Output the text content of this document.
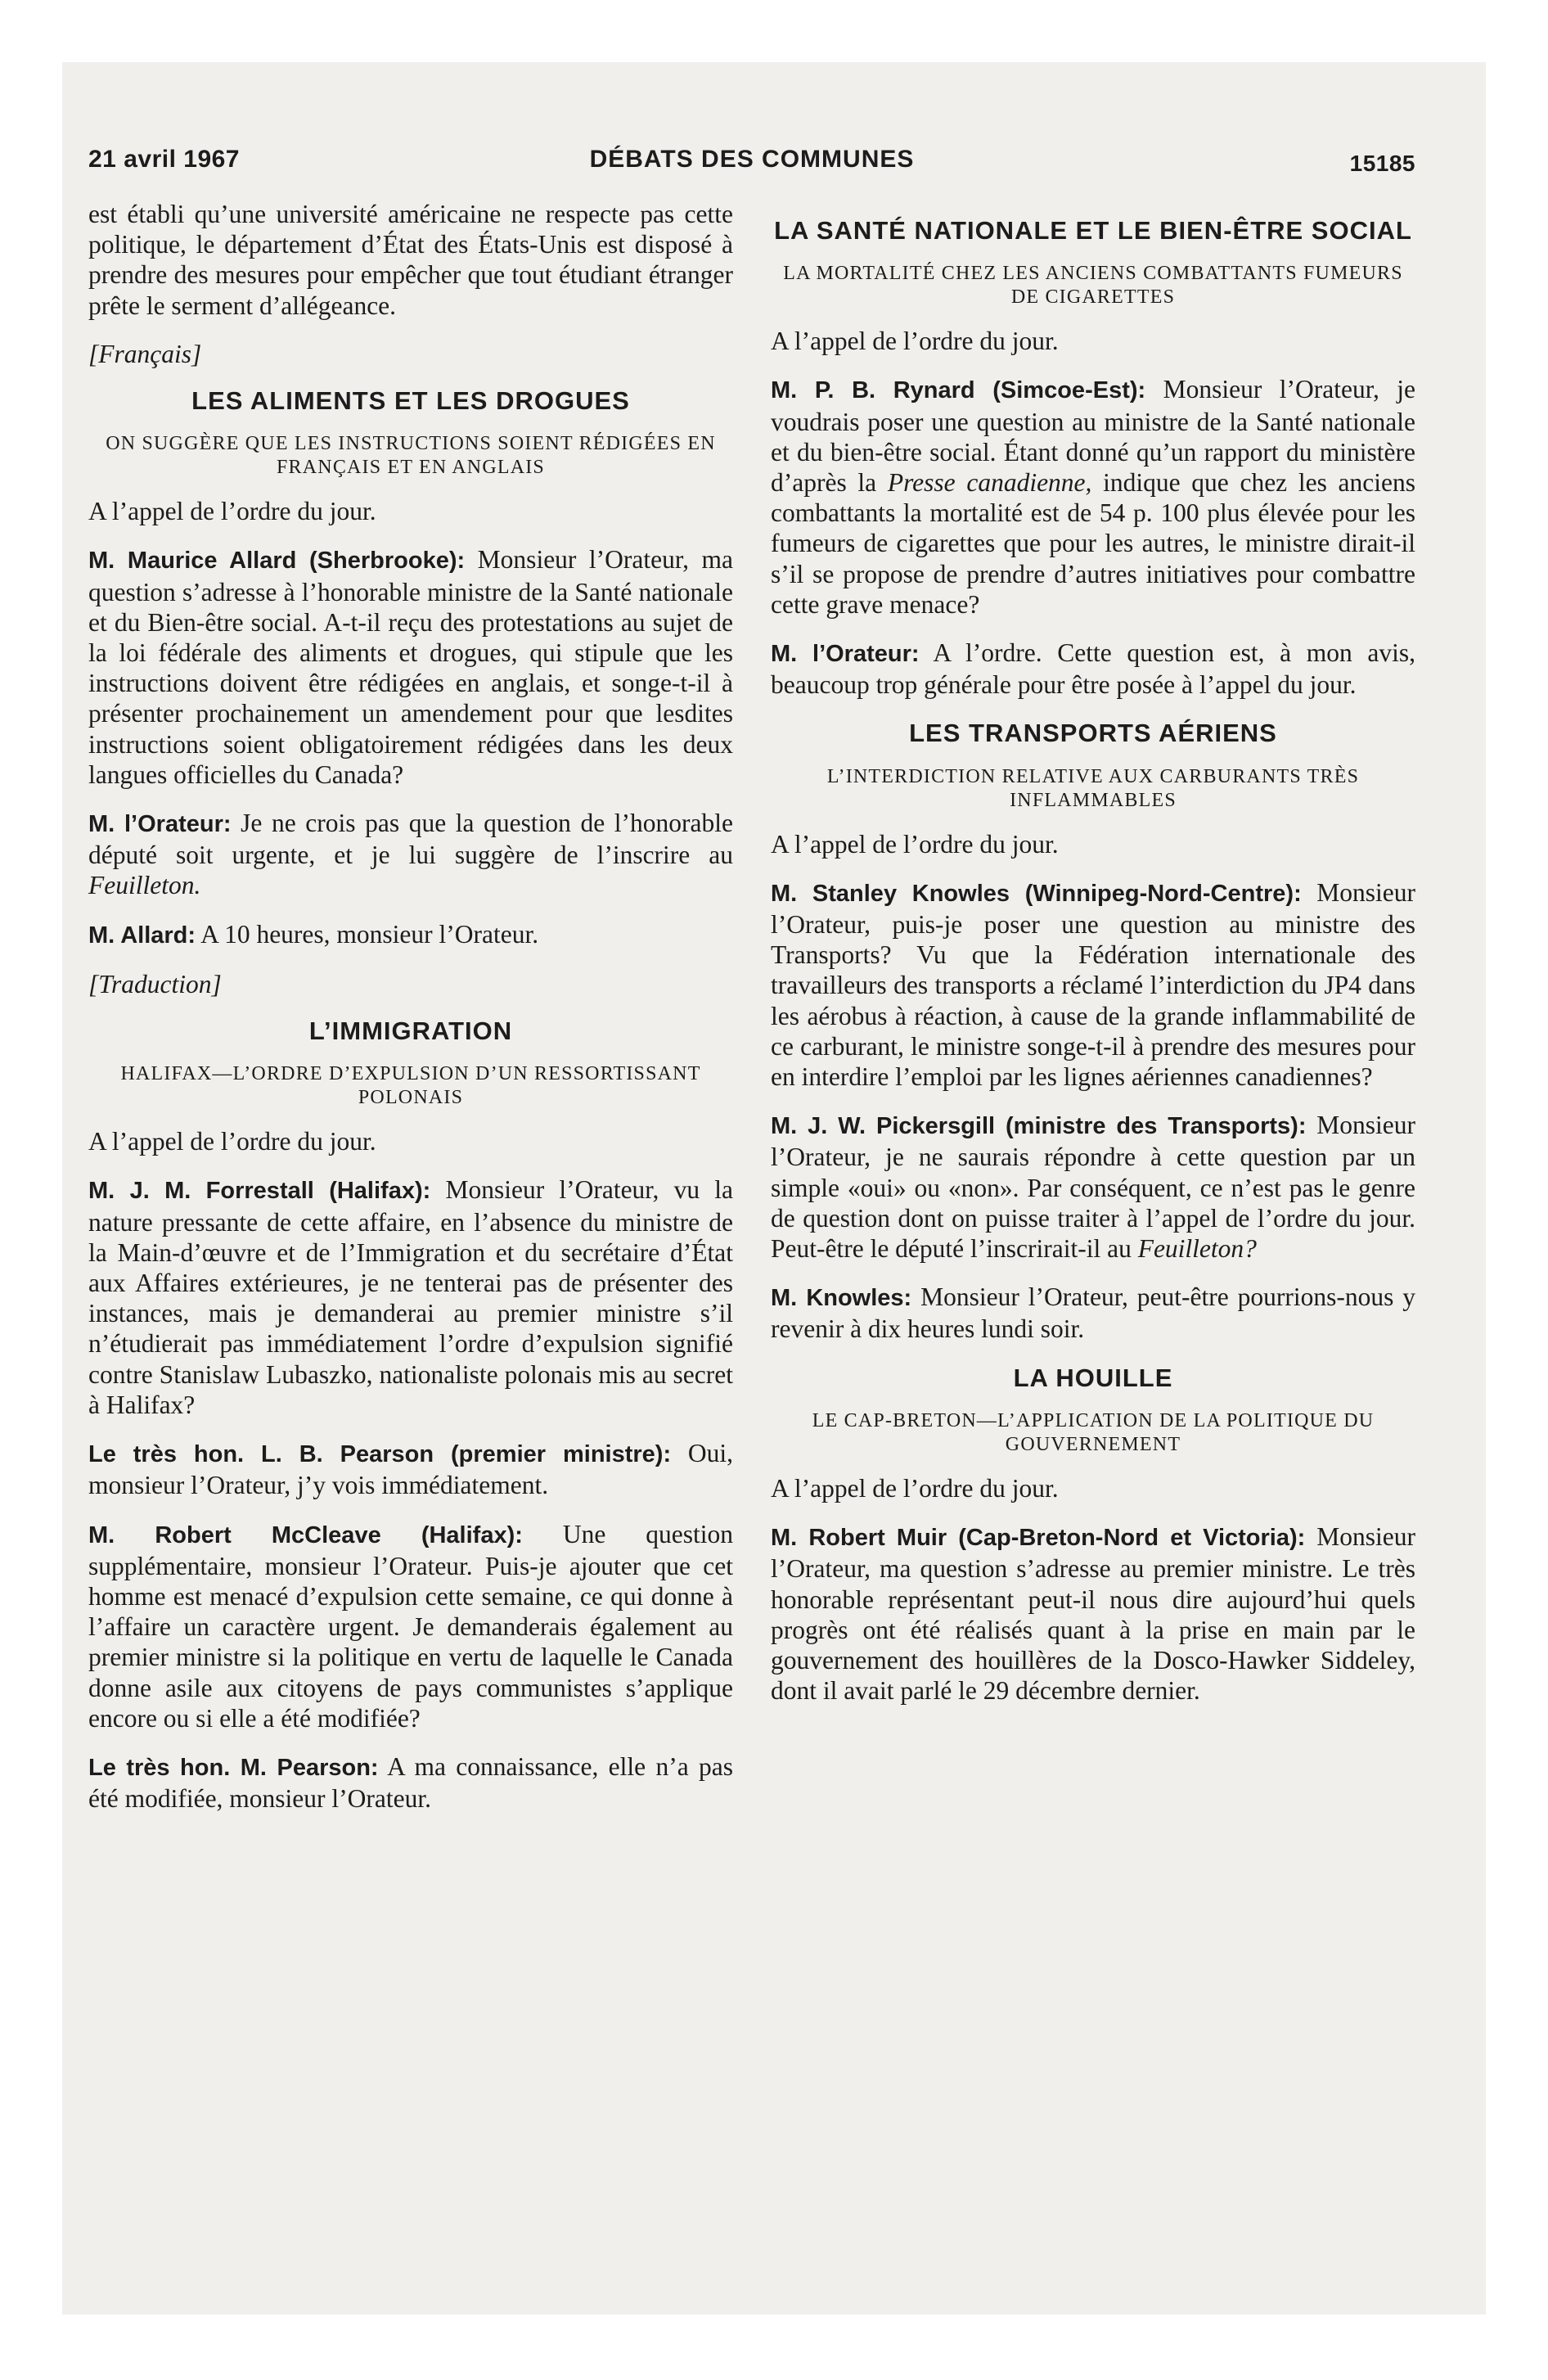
21 avril 1967	DÉBATS DES COMMUNES	15185

est établi qu’une université américaine ne respecte pas cette politique, le département d’État des États-Unis est disposé à prendre des mesures pour empêcher que tout étudiant étranger prête le serment d’allégeance.

[Français]
LES ALIMENTS ET LES DROGUES
ON SUGGÈRE QUE LES INSTRUCTIONS SOIENT RÉDIGÉES EN FRANÇAIS ET EN ANGLAIS

A l’appel de l’ordre du jour.

M. Maurice Allard (Sherbrooke): Monsieur l’Orateur, ma question s’adresse à l’honorable ministre de la Santé nationale et du Bien-être social. A-t-il reçu des protestations au sujet de la loi fédérale des aliments et drogues, qui stipule que les instructions doivent être rédigées en anglais, et songe-t-il à présenter prochainement un amendement pour que lesdites instructions soient obligatoirement rédigées dans les deux langues officielles du Canada?

M. l’Orateur: Je ne crois pas que la question de l’honorable député soit urgente, et je lui suggère de l’inscrire au Feuilleton.

M. Allard: A 10 heures, monsieur l’Orateur.

[Traduction]
L’IMMIGRATION
HALIFAX—L’ORDRE D’EXPULSION D’UN RESSORTISSANT POLONAIS

A l’appel de l’ordre du jour.

M. J. M. Forrestall (Halifax): Monsieur l’Orateur, vu la nature pressante de cette affaire, en l’absence du ministre de la Main-d’œuvre et de l’Immigration et du secrétaire d’État aux Affaires extérieures, je ne tenterai pas de présenter des instances, mais je demanderai au premier ministre s’il n’étudierait pas immédiatement l’ordre d’expulsion signifié contre Stanislaw Lubaszko, nationaliste polonais mis au secret à Halifax?

Le très hon. L. B. Pearson (premier ministre): Oui, monsieur l’Orateur, j’y vois immédiatement.

M. Robert McCleave (Halifax): Une question supplémentaire, monsieur l’Orateur. Puis-je ajouter que cet homme est menacé d’expulsion cette semaine, ce qui donne à l’affaire un caractère urgent. Je demanderais également au premier ministre si la politique en vertu de laquelle le Canada donne asile aux citoyens de pays communistes s’applique encore ou si elle a été modifiée?

Le très hon. M. Pearson: A ma connaissance, elle n’a pas été modifiée, monsieur l’Orateur.

LA SANTÉ NATIONALE ET LE BIEN-ÊTRE SOCIAL
LA MORTALITÉ CHEZ LES ANCIENS COMBATTANTS FUMEURS DE CIGARETTES

A l’appel de l’ordre du jour.

M. P. B. Rynard (Simcoe-Est): Monsieur l’Orateur, je voudrais poser une question au ministre de la Santé nationale et du bien-être social. Étant donné qu’un rapport du ministère d’après la Presse canadienne, indique que chez les anciens combattants la mortalité est de 54 p. 100 plus élevée pour les fumeurs de cigarettes que pour les autres, le ministre dirait-il s’il se propose de prendre d’autres initiatives pour combattre cette grave menace?

M. l’Orateur: A l’ordre. Cette question est, à mon avis, beaucoup trop générale pour être posée à l’appel du jour.

LES TRANSPORTS AÉRIENS
L’INTERDICTION RELATIVE AUX CARBURANTS TRÈS INFLAMMABLES

A l’appel de l’ordre du jour.

M. Stanley Knowles (Winnipeg-Nord-Centre): Monsieur l’Orateur, puis-je poser une question au ministre des Transports? Vu que la Fédération internationale des travailleurs des transports a réclamé l’interdiction du JP4 dans les aérobus à réaction, à cause de la grande inflammabilité de ce carburant, le ministre songe-t-il à prendre des mesures pour en interdire l’emploi par les lignes aériennes canadiennes?

M. J. W. Pickersgill (ministre des Transports): Monsieur l’Orateur, je ne saurais répondre à cette question par un simple «oui» ou «non». Par conséquent, ce n’est pas le genre de question dont on puisse traiter à l’appel de l’ordre du jour. Peut-être le député l’inscrirait-il au Feuilleton?

M. Knowles: Monsieur l’Orateur, peut-être pourrions-nous y revenir à dix heures lundi soir.

LA HOUILLE
LE CAP-BRETON—L’APPLICATION DE LA POLITIQUE DU GOUVERNEMENT

A l’appel de l’ordre du jour.

M. Robert Muir (Cap-Breton-Nord et Victoria): Monsieur l’Orateur, ma question s’adresse au premier ministre. Le très honorable représentant peut-il nous dire aujourd’hui quels progrès ont été réalisés quant à la prise en main par le gouvernement des houillères de la Dosco-Hawker Siddeley, dont il avait parlé le 29 décembre dernier.
